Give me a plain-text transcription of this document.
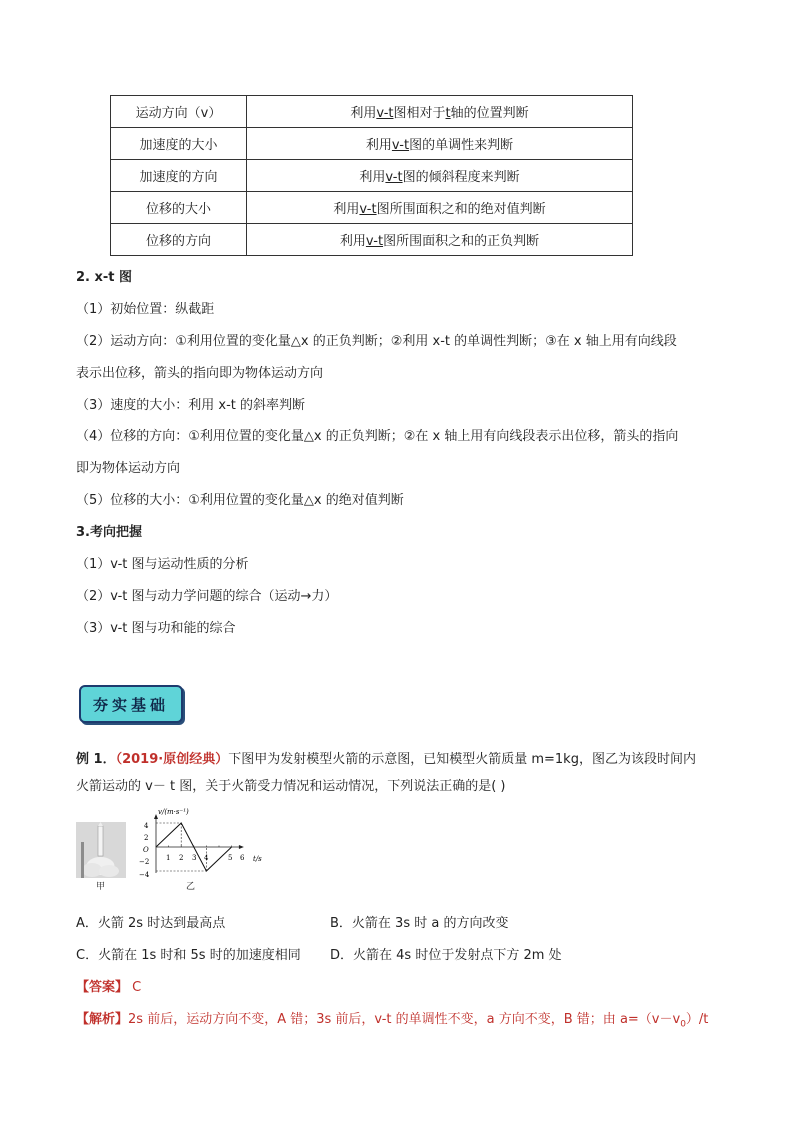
运动方向（v）	利用v-t图相对于t轴的位置判断
加速度的大小	利用v-t图的单调性来判断
加速度的方向	利用v-t图的倾斜程度来判断
位移的大小	利用v-t图所围面积之和的绝对值判断
位移的方向	利用v-t图所围面积之和的正负判断
2. x-t 图
（1）初始位置：纵截距
（2）运动方向：①利用位置的变化量△x 的正负判断；②利用 x-t 的单调性判断；③在 x 轴上用有向线段
表示出位移，箭头的指向即为物体运动方向
（3）速度的大小：利用 x-t 的斜率判断
（4）位移的方向：①利用位置的变化量△x 的正负判断；②在 x 轴上用有向线段表示出位移，箭头的指向
即为物体运动方向
（5）位移的大小：①利用位置的变化量△x 的绝对值判断
3.考向把握
（1）v-t 图与运动性质的分析
（2）v-t 图与动力学问题的综合（运动→力）
（3）v-t 图与功和能的综合
夯实基础
例 1．（2019·原创经典）下图甲为发射模型火箭的示意图，已知模型火箭质量 m=1kg，图乙为该段时间内
火箭运动的 v－ t 图，关于火箭受力情况和运动情况，下列说法正确的是( )
甲
v/(m·s⁻¹)
t/s
4
2
O
−2
−4
1 2 3 4	5 6
乙
A．火箭 2s 时达到最高点	B．火箭在 3s 时 a 的方向改变
C．火箭在 1s 时和 5s 时的加速度相同 D．火箭在 4s 时位于发射点下方 2m 处
【答案】 C
【解析】2s 前后，运动方向不变，A 错；3s 前后，v-t 的单调性不变，a 方向不变，B 错；由 $a=(v-v_0)/t$
